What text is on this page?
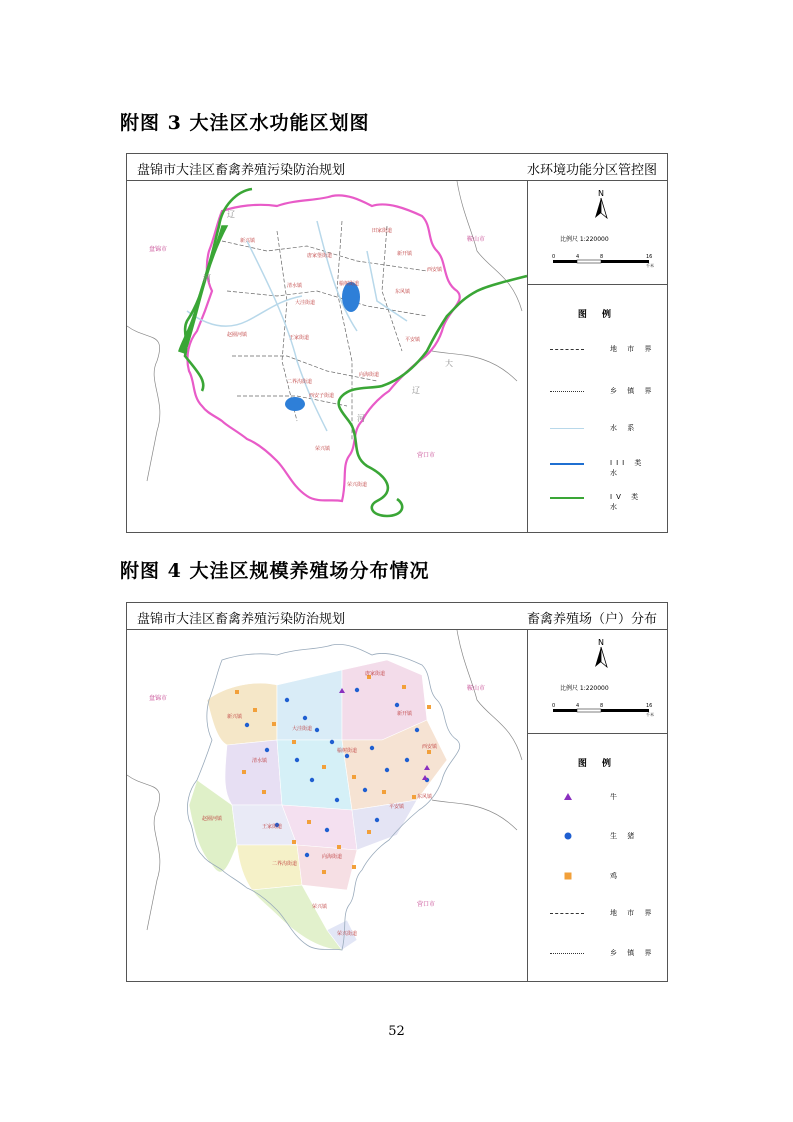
附图 3 大洼区水功能区划图
盘锦市大洼区畜禽养殖污染防治规划	水环境功能分区管控图
盘锦市
鞍山市
营口市
辽
河
大
辽
河
新兴镇
新开镇
唐家堡街道
西安镇
田家街道
清水镇
大洼街道
榆树街道
东风镇
赵圈河镇	王家街道	平安镇
二界沟街道
向海街道
西安子街道
荣兴镇
荣兴街道
N
比例尺 1:220000
0	4	8	16
千米
图 例
地 市 界
乡 镇 界
水 系
III 类 水
IV 类 水
附图 4 大洼区规模养殖场分布情况
盘锦市大洼区畜禽养殖污染防治规划	畜禽养殖场（户）分布
盘锦市
鞍山市
营口市
新兴镇	新开镇
西安镇
清水镇
大洼街道
榆树街道
东风镇
赵圈河镇
王家街道
平安镇
二界沟街道
向海街道
荣兴镇
荣兴街道
唐家街道
N
比例尺 1:220000
0	4	8	16
千米
图 例
牛
生 猪
鸡
地 市 界
乡 镇 界
52
